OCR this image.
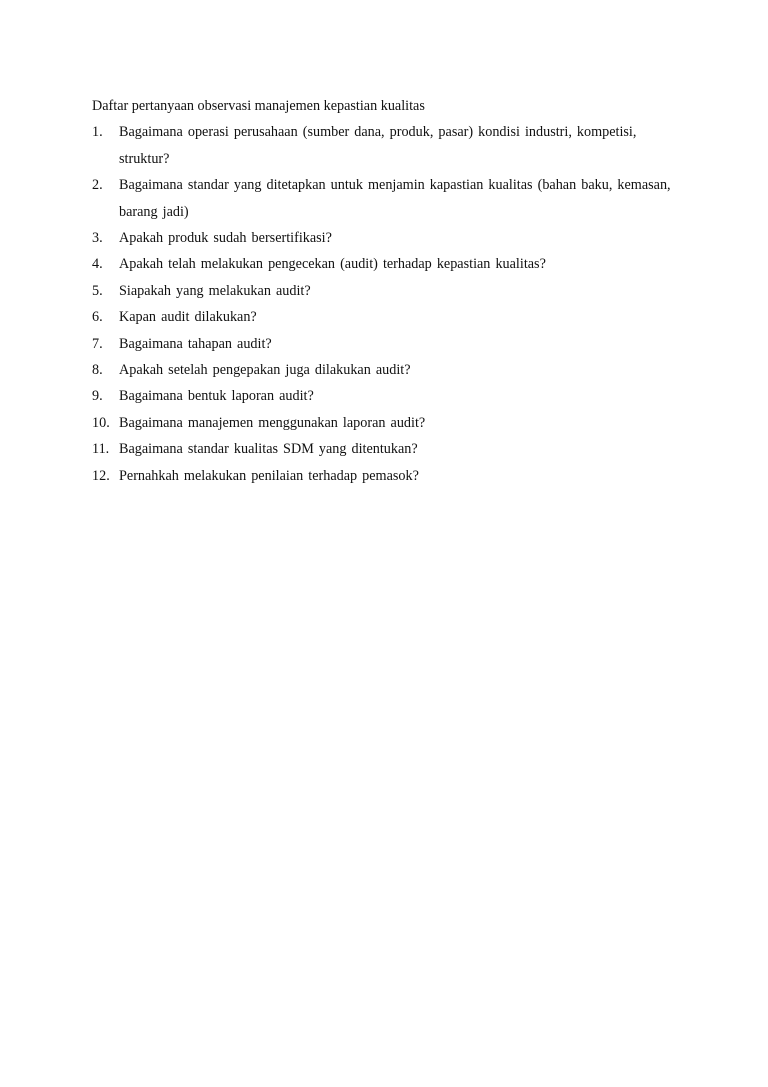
Daftar pertanyaan observasi manajemen kepastian kualitas

1.	Bagaimana operasi perusahaan (sumber dana, produk, pasar) kondisi industri, kompetisi, struktur?
2.	Bagaimana standar yang ditetapkan untuk menjamin kapastian kualitas (bahan baku, kemasan, barang jadi)
3.	Apakah produk sudah bersertifikasi?
4.	Apakah telah melakukan pengecekan (audit) terhadap kepastian kualitas?
5.	Siapakah yang melakukan audit?
6.	Kapan audit dilakukan?
7.	Bagaimana tahapan audit?
8.	Apakah setelah pengepakan juga dilakukan audit?
9.	Bagaimana bentuk laporan audit?
10. Bagaimana manajemen menggunakan laporan audit?
11. Bagaimana standar kualitas SDM yang ditentukan?
12. Pernahkah melakukan penilaian terhadap pemasok?
